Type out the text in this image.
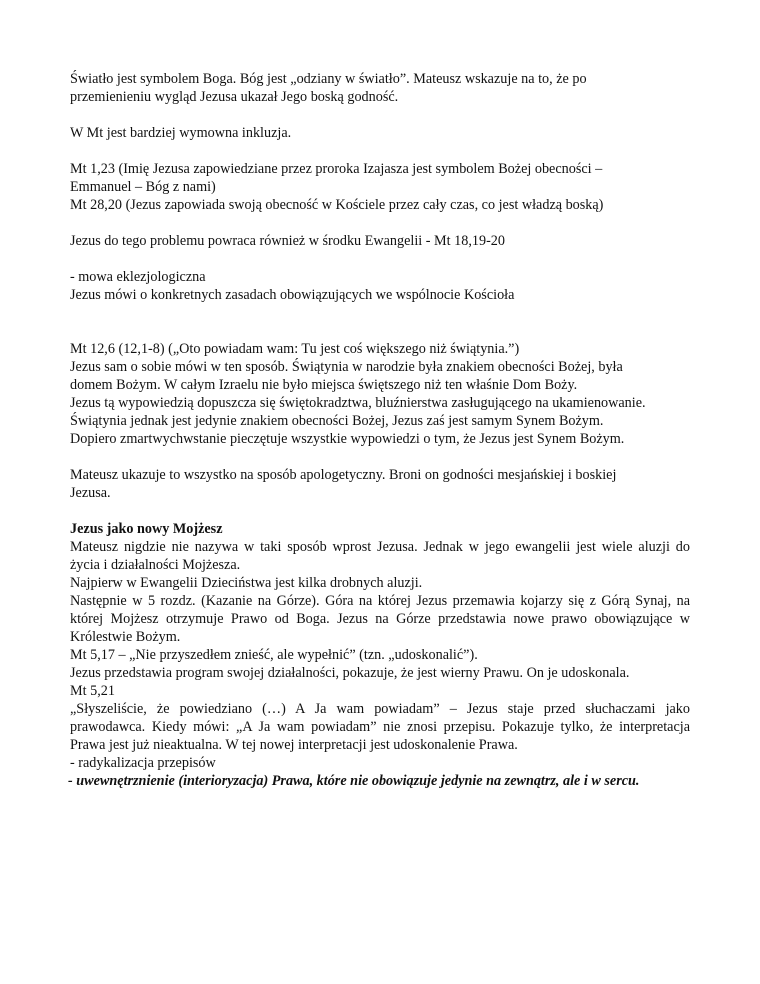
Światło jest symbolem Boga. Bóg jest „odziany w światło”. Mateusz wskazuje na to, że po
przemienieniu wygląd Jezusa ukazał Jego boską godność.
W Mt jest bardziej wymowna inkluzja.
Mt 1,23 (Imię Jezusa zapowiedziane przez proroka Izajasza jest symbolem Bożej obecności –
Emmanuel – Bóg z nami)
Mt 28,20 (Jezus zapowiada swoją obecność w Kościele przez cały czas, co jest władzą boską)
Jezus do tego problemu powraca również w środku Ewangelii - Mt 18,19-20
- mowa eklezjologiczna
Jezus mówi o konkretnych zasadach obowiązujących we wspólnocie Kościoła
Mt 12,6 (12,1-8) („Oto powiadam wam: Tu jest coś większego niż świątynia.”)
Jezus sam o sobie mówi w ten sposób. Świątynia w narodzie była znakiem obecności Bożej, była
domem Bożym. W całym Izraelu nie było miejsca świętszego niż ten właśnie Dom Boży.
Jezus tą wypowiedzią dopuszcza się świętokradztwa, bluźnierstwa zasługującego na ukamienowanie.
Świątynia jednak jest jedynie znakiem obecności Bożej, Jezus zaś jest samym Synem Bożym.
Dopiero zmartwychwstanie pieczętuje wszystkie wypowiedzi o tym, że Jezus jest Synem Bożym.
Mateusz ukazuje to wszystko na sposób apologetyczny. Broni on godności mesjańskiej i boskiej
Jezusa.
Jezus jako nowy Mojżesz
Mateusz nigdzie nie nazywa w taki sposób wprost Jezusa. Jednak w jego ewangelii jest wiele aluzji do
życia i działalności Mojżesza.
Najpierw w Ewangelii Dzieciństwa jest kilka drobnych aluzji.
Następnie w 5 rozdz. (Kazanie na Górze). Góra na której Jezus przemawia kojarzy się z Górą Synaj, na
której Mojżesz otrzymuje Prawo od Boga. Jezus na Górze przedstawia nowe prawo obowiązujące w
Królestwie Bożym.
Mt 5,17 – „Nie przyszedłem znieść, ale wypełnić” (tzn. „udoskonalić”).
Jezus przedstawia program swojej działalności, pokazuje, że jest wierny Prawu. On je udoskonala.
Mt 5,21
„Słyszeliście, że powiedziano (…) A Ja wam powiadam” – Jezus staje przed słuchaczami jako
prawodawca. Kiedy mówi: „A Ja wam powiadam” nie znosi przepisu. Pokazuje tylko, że interpretacja
Prawa jest już nieaktualna. W tej nowej interpretacji jest udoskonalenie Prawa.
- radykalizacja przepisów
- uwewnętrznienie (interioryzacja) Prawa, które nie obowiązuje jedynie na zewnątrz, ale i w sercu.
